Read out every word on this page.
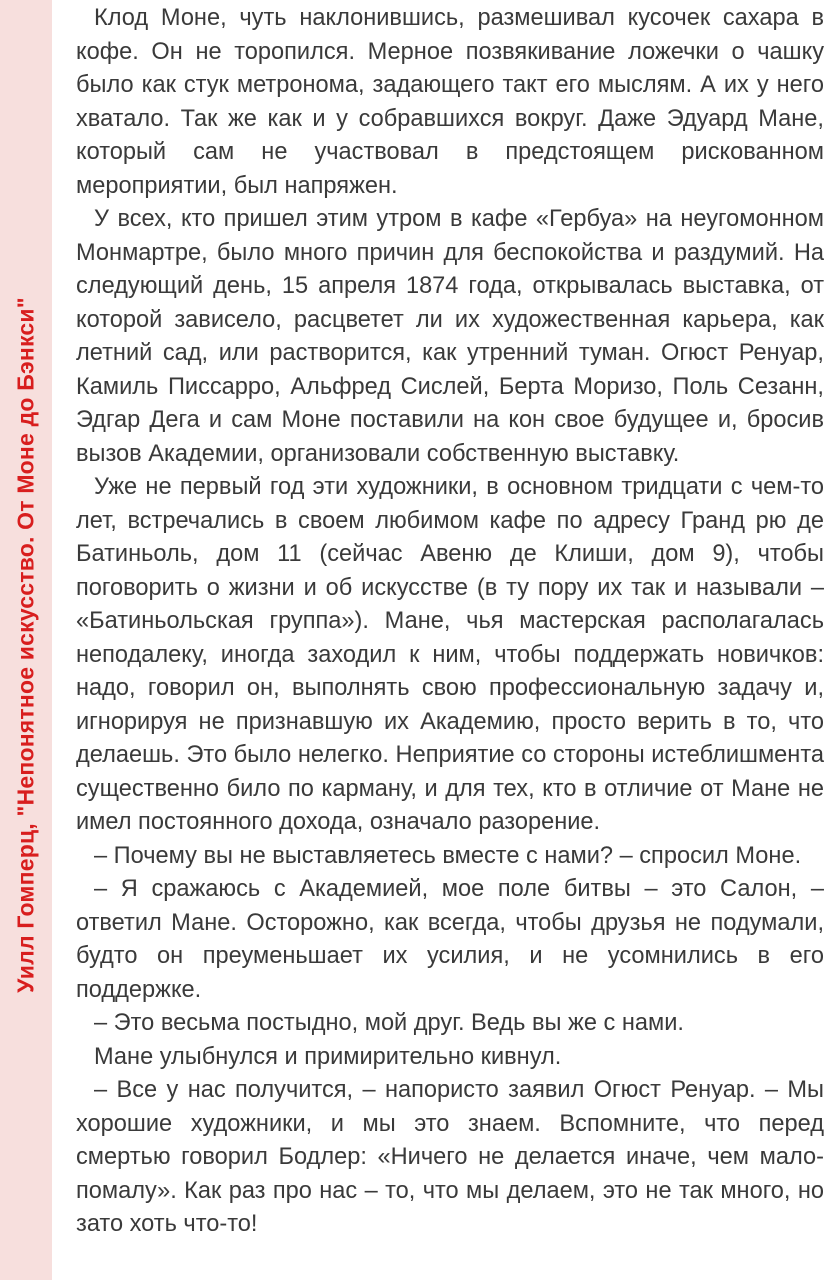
Уилл Гомперц, "Непонятное искусство. От Моне до Бэнкси"

Клод Моне, чуть наклонившись, размешивал кусочек сахара в кофе. Он не торопился. Мерное позвякивание ложечки о чашку было как стук метронома, задающего такт его мыслям. А их у него хватало. Так же как и у собравшихся вокруг. Даже Эдуард Мане, который сам не участвовал в предстоящем рискованном мероприятии, был напряжен.

У всех, кто пришел этим утром в кафе «Гербуа» на неугомонном Монмартре, было много причин для беспокойства и раздумий. На следующий день, 15 апреля 1874 года, открывалась выставка, от которой зависело, расцветет ли их художественная карьера, как летний сад, или растворится, как утренний туман. Огюст Ренуар, Камиль Писсарро, Альфред Сислей, Берта Моризо, Поль Сезанн, Эдгар Дега и сам Моне поставили на кон свое будущее и, бросив вызов Академии, организовали собственную выставку.

Уже не первый год эти художники, в основном тридцати с чем-то лет, встречались в своем любимом кафе по адресу Гранд рю де Батиньоль, дом 11 (сейчас Авеню де Клиши, дом 9), чтобы поговорить о жизни и об искусстве (в ту пору их так и называли – «Батиньольская группа»). Мане, чья мастерская располагалась неподалеку, иногда заходил к ним, чтобы поддержать новичков: надо, говорил он, выполнять свою профессиональную задачу и, игнорируя не признавшую их Академию, просто верить в то, что делаешь. Это было нелегко. Неприятие со стороны истеблишмента существенно било по карману, и для тех, кто в отличие от Мане не имел постоянного дохода, означало разорение.

– Почему вы не выставляетесь вместе с нами? – спросил Моне.

– Я сражаюсь с Академией, мое поле битвы – это Салон, – ответил Мане. Осторожно, как всегда, чтобы друзья не подумали, будто он преуменьшает их усилия, и не усомнились в его поддержке.

– Это весьма постыдно, мой друг. Ведь вы же с нами.

Мане улыбнулся и примирительно кивнул.

– Все у нас получится, – напористо заявил Огюст Ренуар. – Мы хорошие художники, и мы это знаем. Вспомните, что перед смертью говорил Бодлер: «Ничего не делается иначе, чем мало-помалу». Как раз про нас – то, что мы делаем, это не так много, но зато хоть что-то!
